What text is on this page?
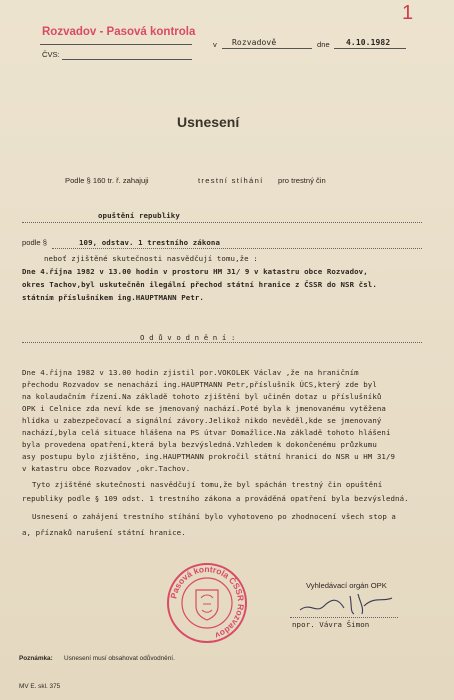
Rozvadov - Pasová kontrola
1
ČVS:
v Rozvadově	dne 4.10.1982
Usnesení
Podle § 160 tr. ř. zahajuji	trestní stíhání pro trestný čin
opuštění republiky
podle §	109, odstav. 1 trestního zákona
neboť zjištěné skutečnosti nasvědčují tomu,že :
Dne 4.října 1982 v 13.00 hodin v prostoru HM 31/ 9 v katastru obce Rozvadov,
okres Tachov,byl uskutečněn ilegální přechod státní hranice z ČSSR do NSR čsl.
státním příslušníkem ing.HAUPTMANN Petr.
O d ů v o d n ě n í :
Dne 4.října 1982 v 13.00 hodin zjistil por.VOKOLEK Václav ,že na hraničním
přechodu Rozvadov se nenachází ing.HAUPTMANN Petr,příslušník ÚCS,který zde byl
na kolaudačním řízení.Na základě tohoto zjištění byl učiněn dotaz u příslušníků
OPK i Celnice zda neví kde se jmenovaný nachází.Poté byla k jmenovanému vytěžena
hlídka u zabezpečovací a signální závory.Jelikož nikdo nevěděl,kde se jmenovaný
nachází,byla celá situace hlášena na PS útvar Domažlice.Na základě tohoto hlášení
byla provedena opatření,která byla bezvýsledná.Vzhledem k dokončenému průzkumu
asy postupu bylo zjištěno, ing.HAUPTMANN prokročil státní hranici do NSR u HM 31/9
v katastru obce Rozvadov ,okr.Tachov.
Tyto zjištěné skutečnosti nasvědčují tomu,že byl spáchán trestný čin opuštění
republiky podle § 109 odst. 1 trestního zákona a prováděná opatření byla bezvýsledná.
Usnesení o zahájení trestního stíhání bylo vyhotoveno po zhodnocení všech stop a
a, příznaků narušení státní hranice.
Vyhledávací orgán OPK
npor. Vávra Šimon
Pasová kontrola ČSSR Rozvadov
Poznámka: Usnesení musí obsahovat odůvodnění.
MV E. skl. 375
